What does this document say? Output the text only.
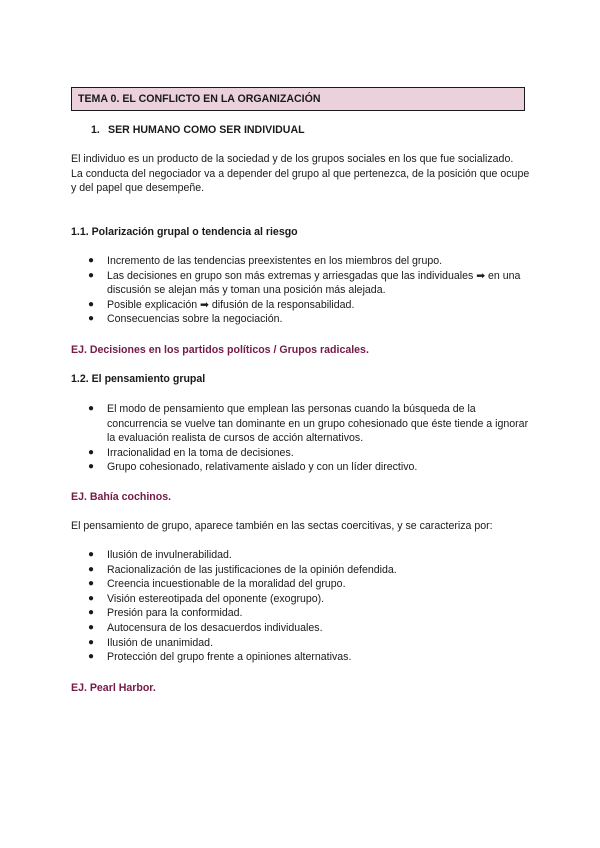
TEMA 0. EL CONFLICTO EN LA ORGANIZACIÓN
1. SER HUMANO COMO SER INDIVIDUAL

El individuo es un producto de la sociedad y de los grupos sociales en los que fue socializado.

La conducta del negociador va a depender del grupo al que pertenezca, de la posición que ocupe y del papel que desempeñe.

1.1. Polarización grupal o tendencia al riesgo
● Incremento de las tendencias preexistentes en los miembros del grupo.
● Las decisiones en grupo son más extremas y arriesgadas que las individuales ➡ en una discusión se alejan más y toman una posición más alejada.
● Posible explicación ➡ difusión de la responsabilidad.
● Consecuencias sobre la negociación.
EJ. Decisiones en los partidos políticos / Grupos radicales.
1.2. El pensamiento grupal
● El modo de pensamiento que emplean las personas cuando la búsqueda de la concurrencia se vuelve tan dominante en un grupo cohesionado que éste tiende a ignorar la evaluación realista de cursos de acción alternativos.
● Irracionalidad en la toma de decisiones.
● Grupo cohesionado, relativamente aislado y con un líder directivo.
EJ. Bahía cochinos.
El pensamiento de grupo, aparece también en las sectas coercitivas, y se caracteriza por:
● Ilusión de invulnerabilidad.
● Racionalización de las justificaciones de la opinión defendida.
● Creencia incuestionable de la moralidad del grupo.
● Visión estereotipada del oponente (exogrupo).
● Presión para la conformidad.
● Autocensura de los desacuerdos individuales.
● Ilusión de unanimidad.
● Protección del grupo frente a opiniones alternativas.
EJ. Pearl Harbor.
